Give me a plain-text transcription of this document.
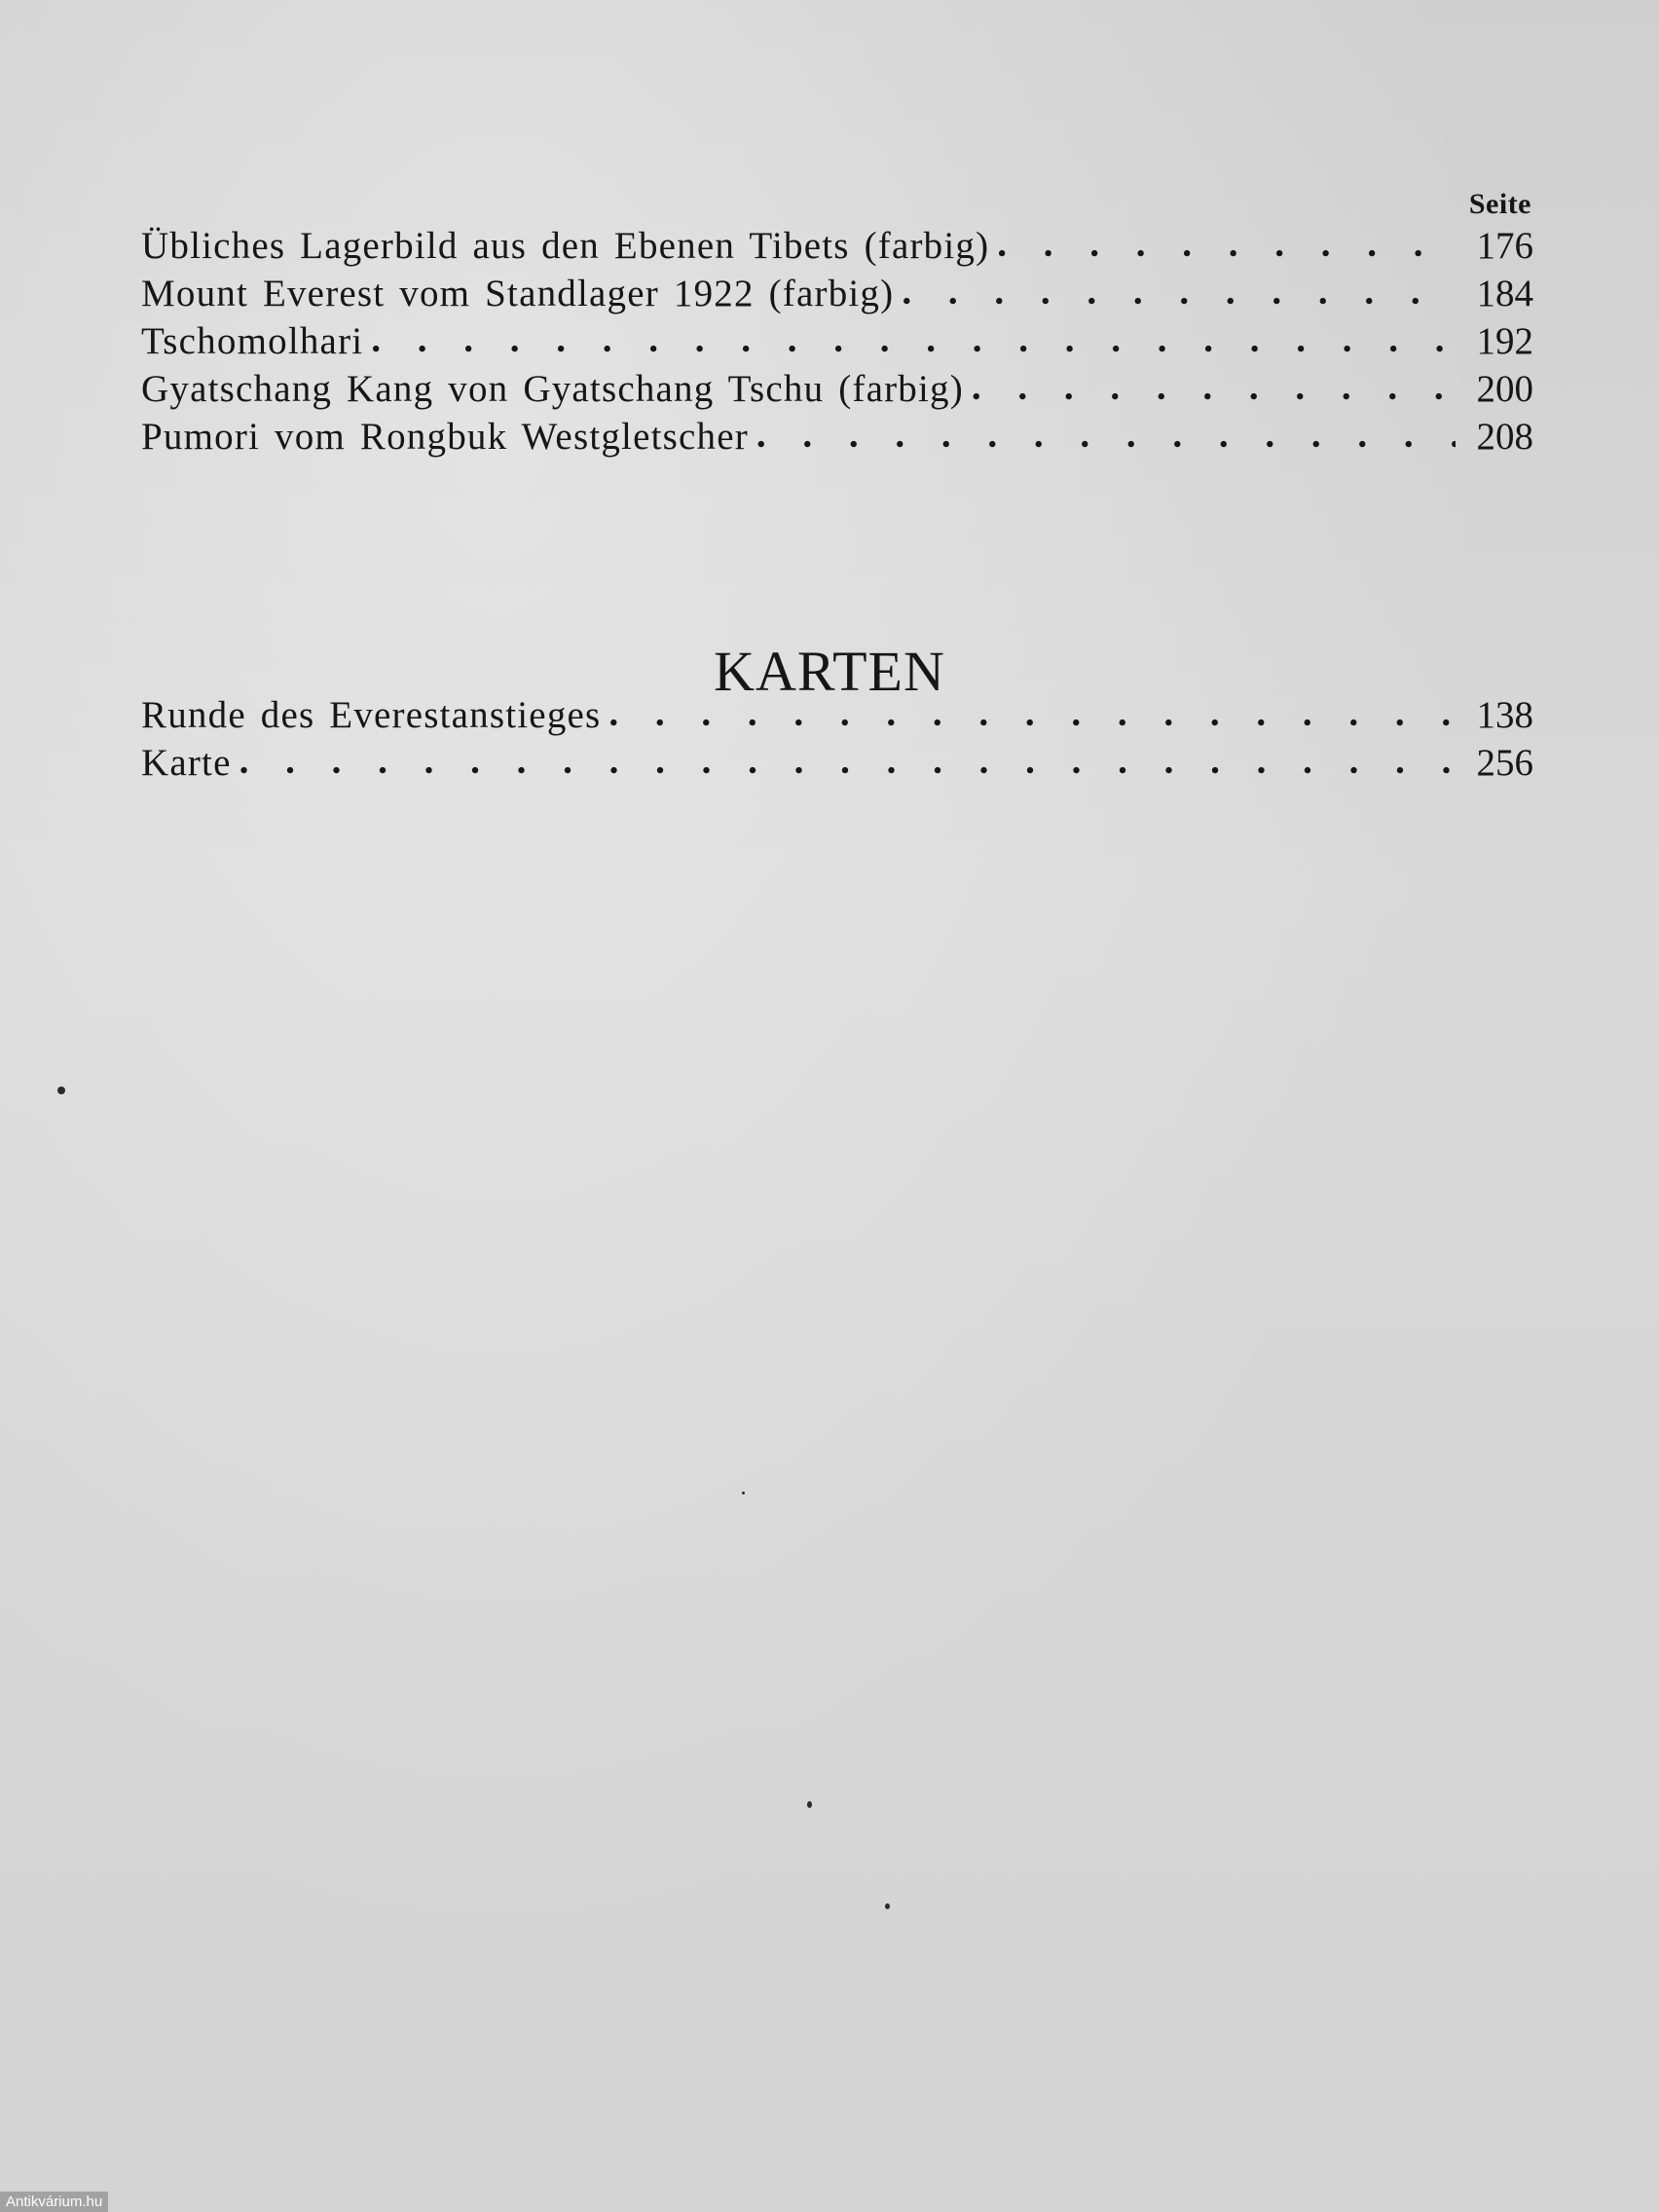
Seite
Übliches Lagerbild aus den Ebenen Tibets (farbig) . . .	176
Mount Everest vom Standlager 1922 (farbig) . . .	184
Tschomolhari . . .	192
Gyatschang Kang von Gyatschang Tschu (farbig) . . .	200
Pumori vom Rongbuk Westgletscher . . .	208
KARTEN
Runde des Everestanstieges . . .	138
Karte . . .	256
Antikvárium.hu
